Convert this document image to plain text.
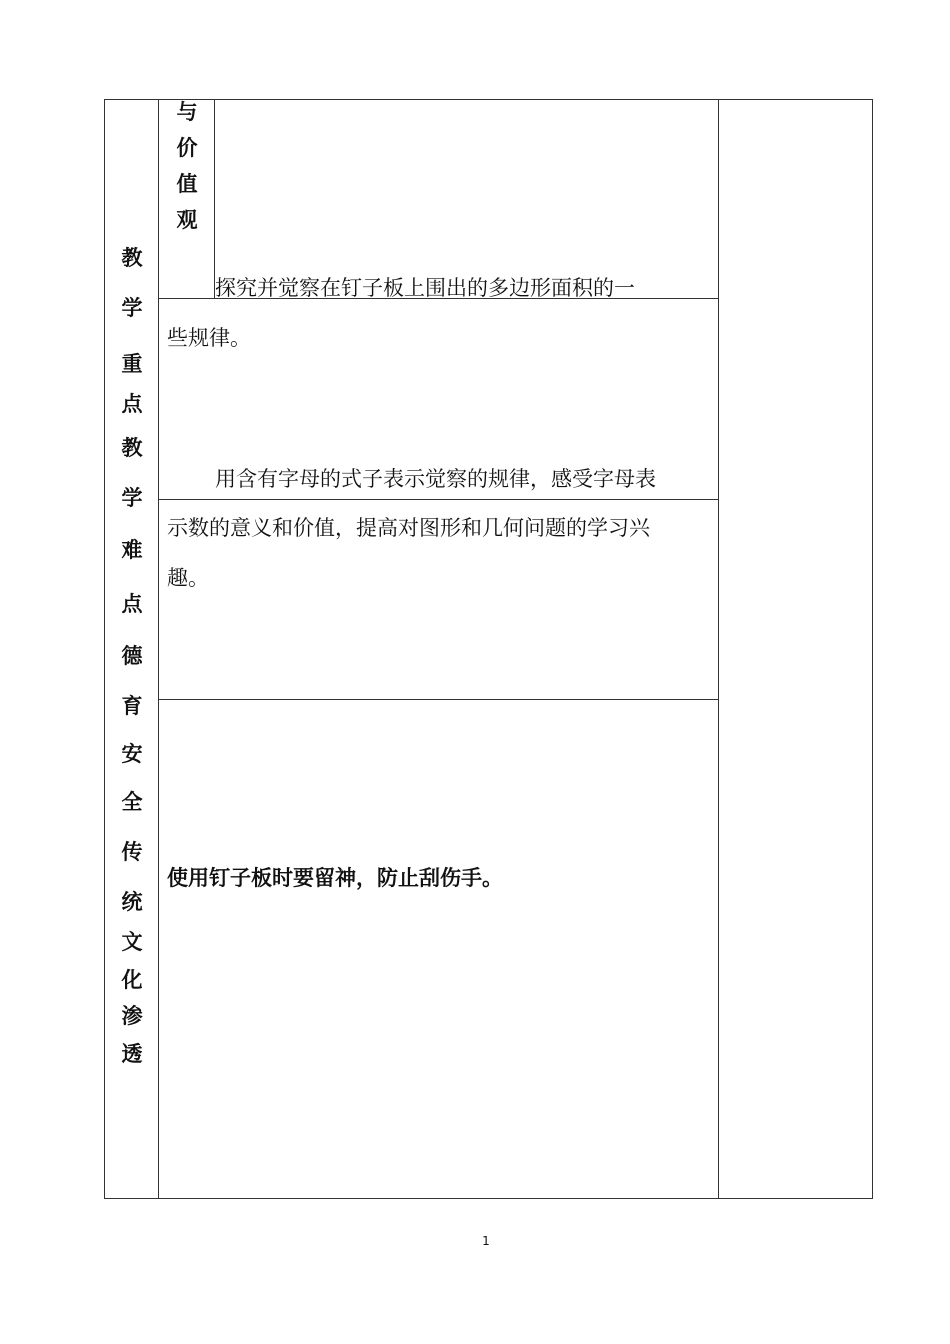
与
价
值
观
教
学
重
点
教
学
难
点
德
育
安
全
传
统
文
化
渗
透
探究并觉察在钉子板上围出的多边形面积的一
些规律。
用含有字母的式子表示觉察的规律，感受字母表
示数的意义和价值，提高对图形和几何问题的学习兴
趣。
使用钉子板时要留神，防止刮伤手。
1
